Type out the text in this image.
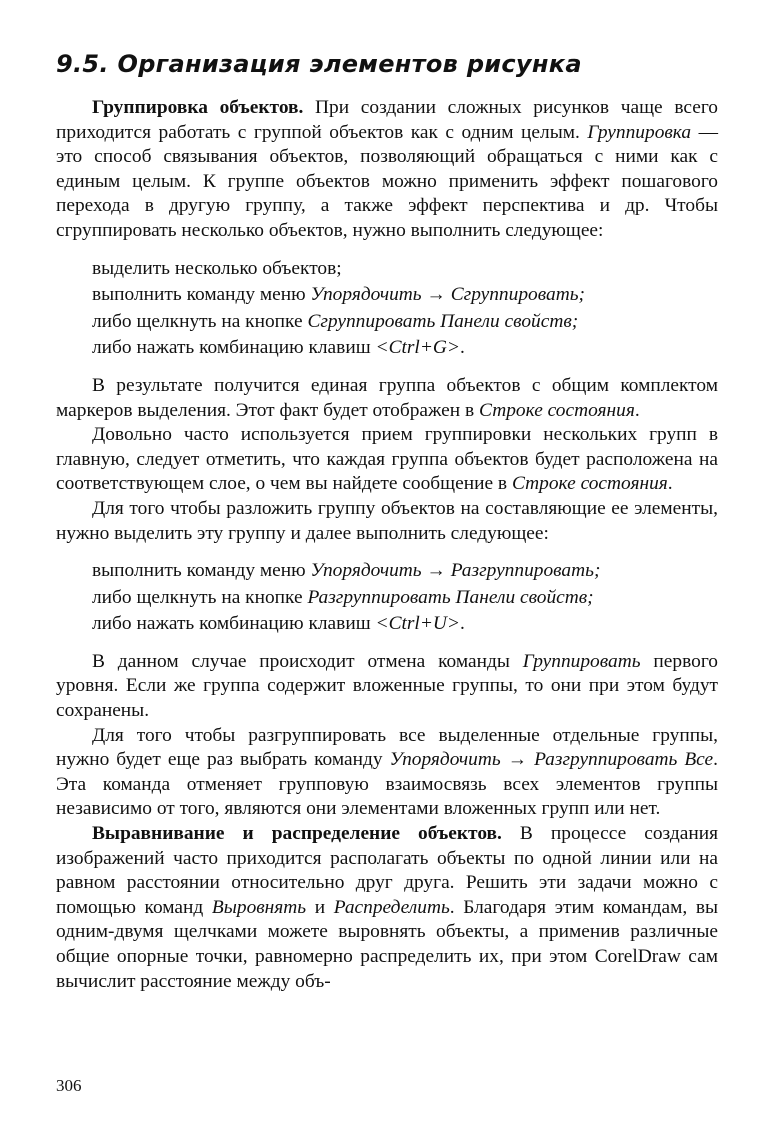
9.5. Организация элементов рисунка

Группировка объектов. При создании сложных рисунков чаще всего приходится работать с группой объектов как с одним целым. Группировка — это способ связывания объектов, позволяющий обращаться с ними как с единым целым. К группе объектов можно применить эффект пошагового перехода в другую группу, а также эффект перспектива и др. Чтобы сгруппировать несколько объектов, нужно выполнить следующее:

выделить несколько объектов;
выполнить команду меню Упорядочить → Сгруппировать;
либо щелкнуть на кнопке Сгруппировать Панели свойств;
либо нажать комбинацию клавиш <Ctrl+G>.

В результате получится единая группа объектов с общим комплектом маркеров выделения. Этот факт будет отображен в Строке состояния.

Довольно часто используется прием группировки нескольких групп в главную, следует отметить, что каждая группа объектов будет расположена на соответствующем слое, о чем вы найдете сообщение в Строке состояния.

Для того чтобы разложить группу объектов на составляющие ее элементы, нужно выделить эту группу и далее выполнить следующее:

выполнить команду меню Упорядочить → Разгруппировать;
либо щелкнуть на кнопке Разгруппировать Панели свойств;
либо нажать комбинацию клавиш <Ctrl+U>.

В данном случае происходит отмена команды Группировать первого уровня. Если же группа содержит вложенные группы, то они при этом будут сохранены.

Для того чтобы разгруппировать все выделенные отдельные группы, нужно будет еще раз выбрать команду Упорядочить → Разгруппировать Все. Эта команда отменяет групповую взаимосвязь всех элементов группы независимо от того, являются они элементами вложенных групп или нет.

Выравнивание и распределение объектов. В процессе создания изображений часто приходится располагать объекты по одной линии или на равном расстоянии относительно друг друга. Решить эти задачи можно с помощью команд Выровнять и Распределить. Благодаря этим командам, вы одним-двумя щелчками можете выровнять объекты, а применив различные общие опорные точки, равномерно распределить их, при этом CorelDraw сам вычислит расстояние между объ-

306
